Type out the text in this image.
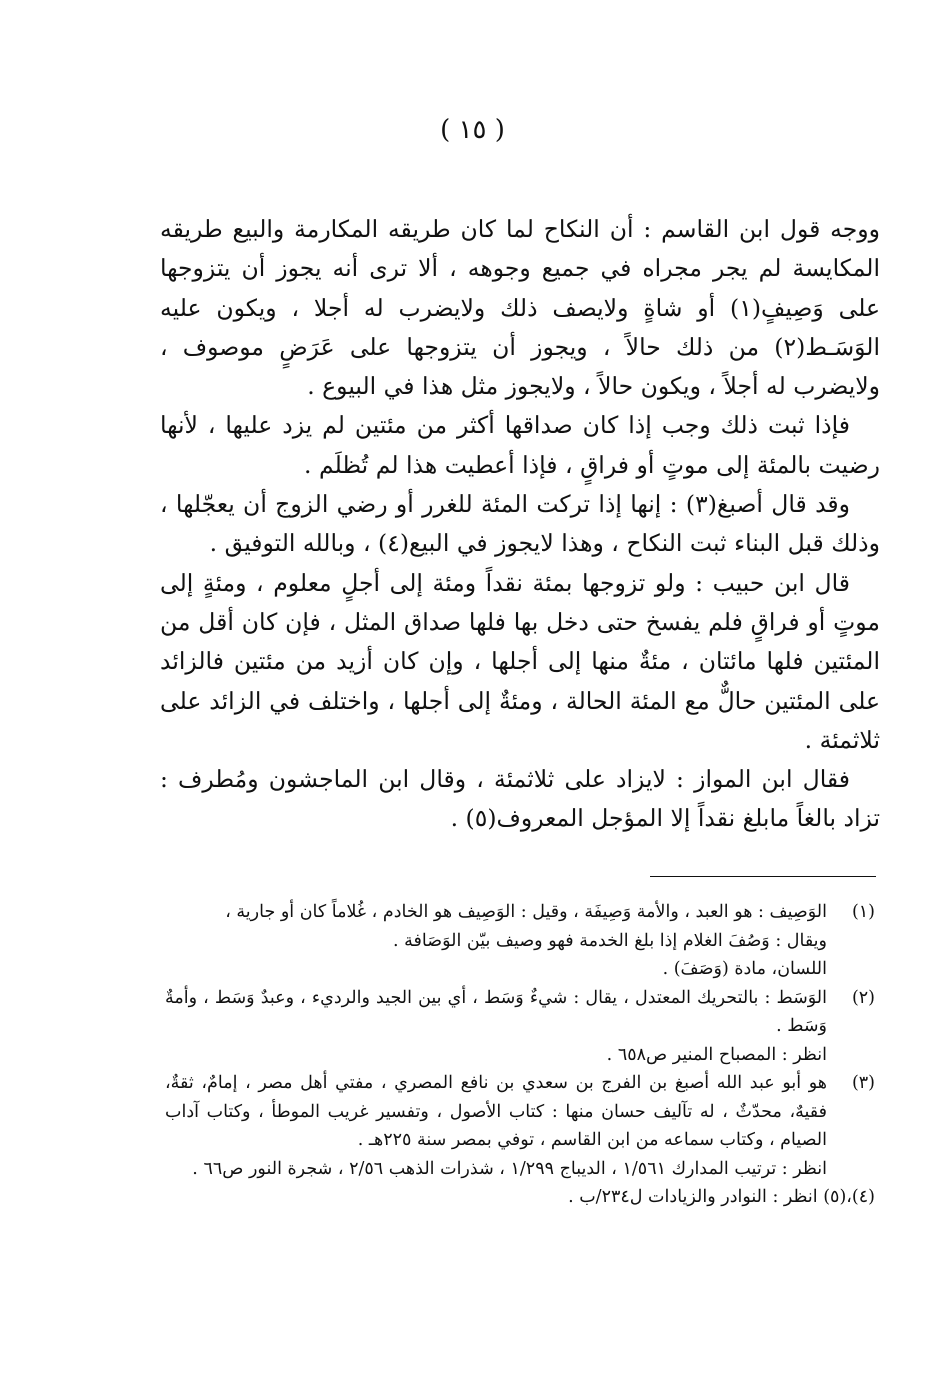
( ١٥ )

ووجه قول ابن القاسم : أن النكاح لما كان طريقه المكارمة والبيع طريقه المكايسة لم يجر مجراه في جميع وجوهه ، ألا ترى أنه يجوز أن يتزوجها على وَصِيفٍ(١) أو شاةٍ ولايصف ذلك ولايضرب له أجلا ، ويكون عليه الوَسَـط(٢) من ذلك حالاً ، ويجوز أن يتزوجها على عَرَضٍ موصوف ، ولايضرب له أجلاً ، ويكون حالاً ، ولايجوز مثل هذا في البيوع .

فإذا ثبت ذلك وجب إذا كان صداقها أكثر من مئتين لم يزد عليها ، لأنها رضيت بالمئة إلى موتٍ أو فراقٍ ، فإذا أعطيت هذا لم تُظلَم .

وقد قال أصبغ(٣) : إنها إذا تركت المئة للغرر أو رضي الزوج أن يعجّلها ، وذلك قبل البناء ثبت النكاح ، وهذا لايجوز في البيع(٤) ، وبالله التوفيق .

قال ابن حبيب : ولو تزوجها بمئة نقداً ومئة إلى أجلٍ معلوم ، ومئةٍ إلى موتٍ أو فراقٍ فلم يفسخ حتى دخل بها فلها صداق المثل ، فإن كان أقل من المئتين فلها مائتان ، مئةٌ منها إلى أجلها ، وإن كان أزيد من مئتين فالزائد على المئتين حالٌّ مع المئة الحالة ، ومئةٌ إلى أجلها ، واختلف في الزائد على ثلاثمئة .

فقال ابن المواز : لايزاد على ثلاثمئة ، وقال ابن الماجشون ومُطرف : تزاد بالغاً مابلغ نقداً إلا المؤجل المعروف(٥) .

(١)
الوَصِيف : هو العبد ، والأمة وَصِيفَة ، وقيل : الوَصِيف هو الخادم ، غُلاماً كان أو جارية ،
ويقال : وَصُفَ الغلام إذا بلغ الخدمة فهو وصيف بيّن الوَصَافة .
اللسان، مادة (وَصَفَ) .
(٢)
الوَسَط : بالتحريك المعتدل ، يقال : شيءٌ وَسَط ، أي بين الجيد والرديء ، وعبدٌ وَسَط ، وأمةٌ وَسَط .
انظر : المصباح المنير ص٦٥٨ .
(٣)
هو أبو عبد الله أصبغ بن الفرج بن سعدي بن نافع المصري ، مفتي أهل مصر ، إمامٌ، ثقةٌ، فقيهٌ، محدّثٌ ، له تآليف حسان منها : كتاب الأصول ، وتفسير غريب الموطأ ، وكتاب آداب الصيام ، وكتاب سماعه من ابن القاسم ، توفي بمصر سنة ٢٢٥هـ .
انظر : ترتيب المدارك ١/٥٦١ ، الديباج ١/٢٩٩ ، شذرات الذهب ٢/٥٦ ، شجرة النور ص٦٦ .

(٤)،(٥) انظر : النوادر والزيادات ل٢٣٤/ب .
